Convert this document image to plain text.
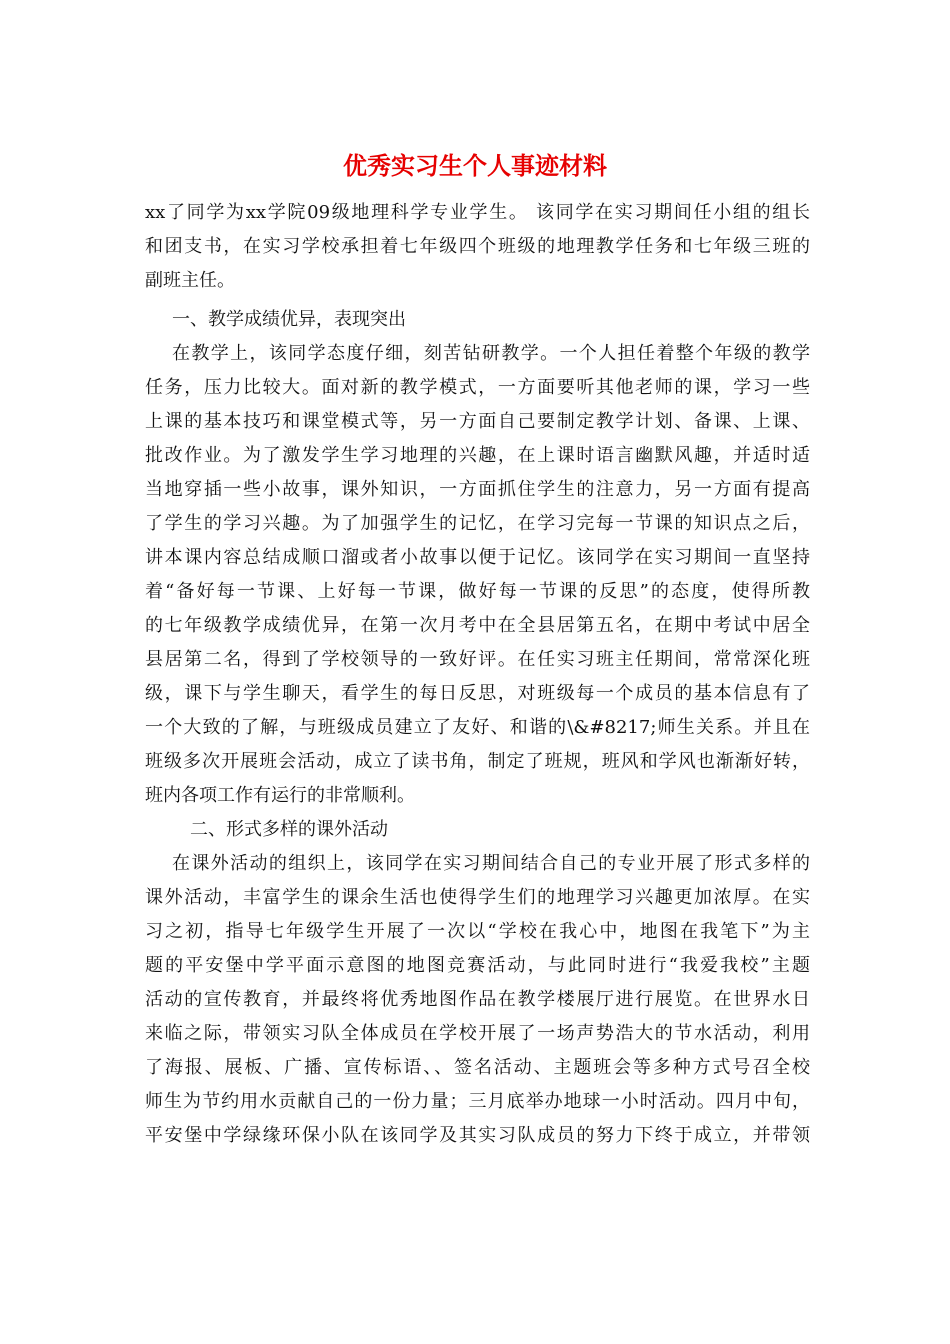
优秀实习生个人事迹材料
xx了同学为xx学院09级地理科学专业学生。 该同学在实习期间任小组的组长
和团支书，在实习学校承担着七年级四个班级的地理教学任务和七年级三班的
副班主任。
一、教学成绩优异，表现突出
在教学上，该同学态度仔细，刻苦钻研教学。一个人担任着整个年级的教学
任务，压力比较大。面对新的教学模式，一方面要听其他老师的课，学习一些
上课的基本技巧和课堂模式等，另一方面自己要制定教学计划、备课、上课、
批改作业。为了激发学生学习地理的兴趣，在上课时语言幽默风趣，并适时适
当地穿插一些小故事，课外知识，一方面抓住学生的注意力，另一方面有提高
了学生的学习兴趣。为了加强学生的记忆，在学习完每一节课的知识点之后，
讲本课内容总结成顺口溜或者小故事以便于记忆。该同学在实习期间一直坚持
着“备好每一节课、上好每一节课，做好每一节课的反思”的态度，使得所教
的七年级教学成绩优异，在第一次月考中在全县居第五名，在期中考试中居全
县居第二名，得到了学校领导的一致好评。在任实习班主任期间，常常深化班
级，课下与学生聊天，看学生的每日反思，对班级每一个成员的基本信息有了
一个大致的了解，与班级成员建立了友好、和谐的\&#8217;师生关系。并且在
班级多次开展班会活动，成立了读书角，制定了班规，班风和学风也渐渐好转，
班内各项工作有运行的非常顺利。
二、形式多样的课外活动
在课外活动的组织上，该同学在实习期间结合自己的专业开展了形式多样的
课外活动，丰富学生的课余生活也使得学生们的地理学习兴趣更加浓厚。在实
习之初，指导七年级学生开展了一次以“学校在我心中，地图在我笔下”为主
题的平安堡中学平面示意图的地图竞赛活动，与此同时进行“我爱我校”主题
活动的宣传教育，并最终将优秀地图作品在教学楼展厅进行展览。在世界水日
来临之际，带领实习队全体成员在学校开展了一场声势浩大的节水活动，利用
了海报、展板、广播、宣传标语、、签名活动、主题班会等多种方式号召全校
师生为节约用水贡献自己的一份力量；三月底举办地球一小时活动。四月中旬，
平安堡中学绿缘环保小队在该同学及其实习队成员的努力下终于成立，并带领
